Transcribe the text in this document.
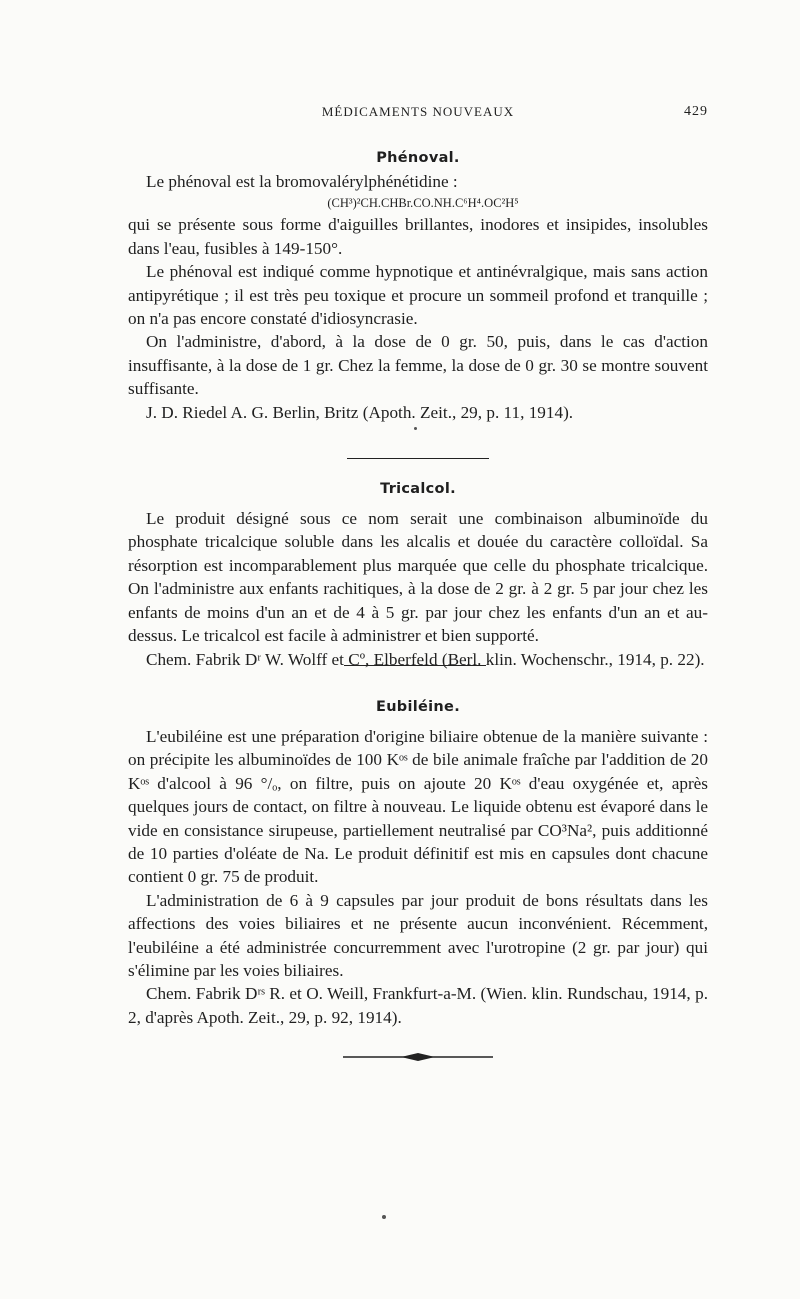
MÉDICAMENTS NOUVEAUX	429
Phénoval.

Le phénoval est la bromovalérylphénétidine :

(CH³)²CH.CHBr.CO.NH.C⁶H⁴.OC²H⁵

qui se présente sous forme d'aiguilles brillantes, inodores et insipides, insolubles dans l'eau, fusibles à 149-150°.

Le phénoval est indiqué comme hypnotique et antinévralgique, mais sans action antipyrétique ; il est très peu toxique et procure un sommeil profond et tranquille ; on n'a pas encore constaté d'idiosyncrasie.

On l'administre, d'abord, à la dose de 0 gr. 50, puis, dans le cas d'action insuffisante, à la dose de 1 gr. Chez la femme, la dose de 0 gr. 30 se montre souvent suffisante.

J. D. Riedel A. G. Berlin, Britz (Apoth. Zeit., 29, p. 11, 1914).

Tricalcol.

Le produit désigné sous ce nom serait une combinaison albuminoïde du phosphate tricalcique soluble dans les alcalis et douée du caractère colloïdal. Sa résorption est incomparablement plus marquée que celle du phosphate tricalcique. On l'administre aux enfants rachitiques, à la dose de 2 gr. à 2 gr. 5 par jour chez les enfants de moins d'un an et de 4 à 5 gr. par jour chez les enfants d'un an et au-dessus. Le tricalcol est facile à administrer et bien supporté.

Chem. Fabrik Dʳ W. Wolff et Cº, Elberfeld (Berl. klin. Wochenschr., 1914, p. 22).

Eubiléine.

L'eubiléine est une préparation d'origine biliaire obtenue de la manière suivante : on précipite les albuminoïdes de 100 Kᵒˢ de bile animale fraîche par l'addition de 20 Kᵒˢ d'alcool à 96 °/ₒ, on filtre, puis on ajoute 20 Kᵒˢ d'eau oxygénée et, après quelques jours de contact, on filtre à nouveau. Le liquide obtenu est évaporé dans le vide en consistance sirupeuse, partiellement neutralisé par CO³Na², puis additionné de 10 parties d'oléate de Na. Le produit définitif est mis en capsules dont chacune contient 0 gr. 75 de produit.

L'administration de 6 à 9 capsules par jour produit de bons résultats dans les affections des voies biliaires et ne présente aucun inconvénient. Récemment, l'eubiléine a été administrée concurremment avec l'urotropine (2 gr. par jour) qui s'élimine par les voies biliaires.

Chem. Fabrik Dʳˢ R. et O. Weill, Frankfurt-a-M. (Wien. klin. Rundschau, 1914, p. 2, d'après Apoth. Zeit., 29, p. 92, 1914).
